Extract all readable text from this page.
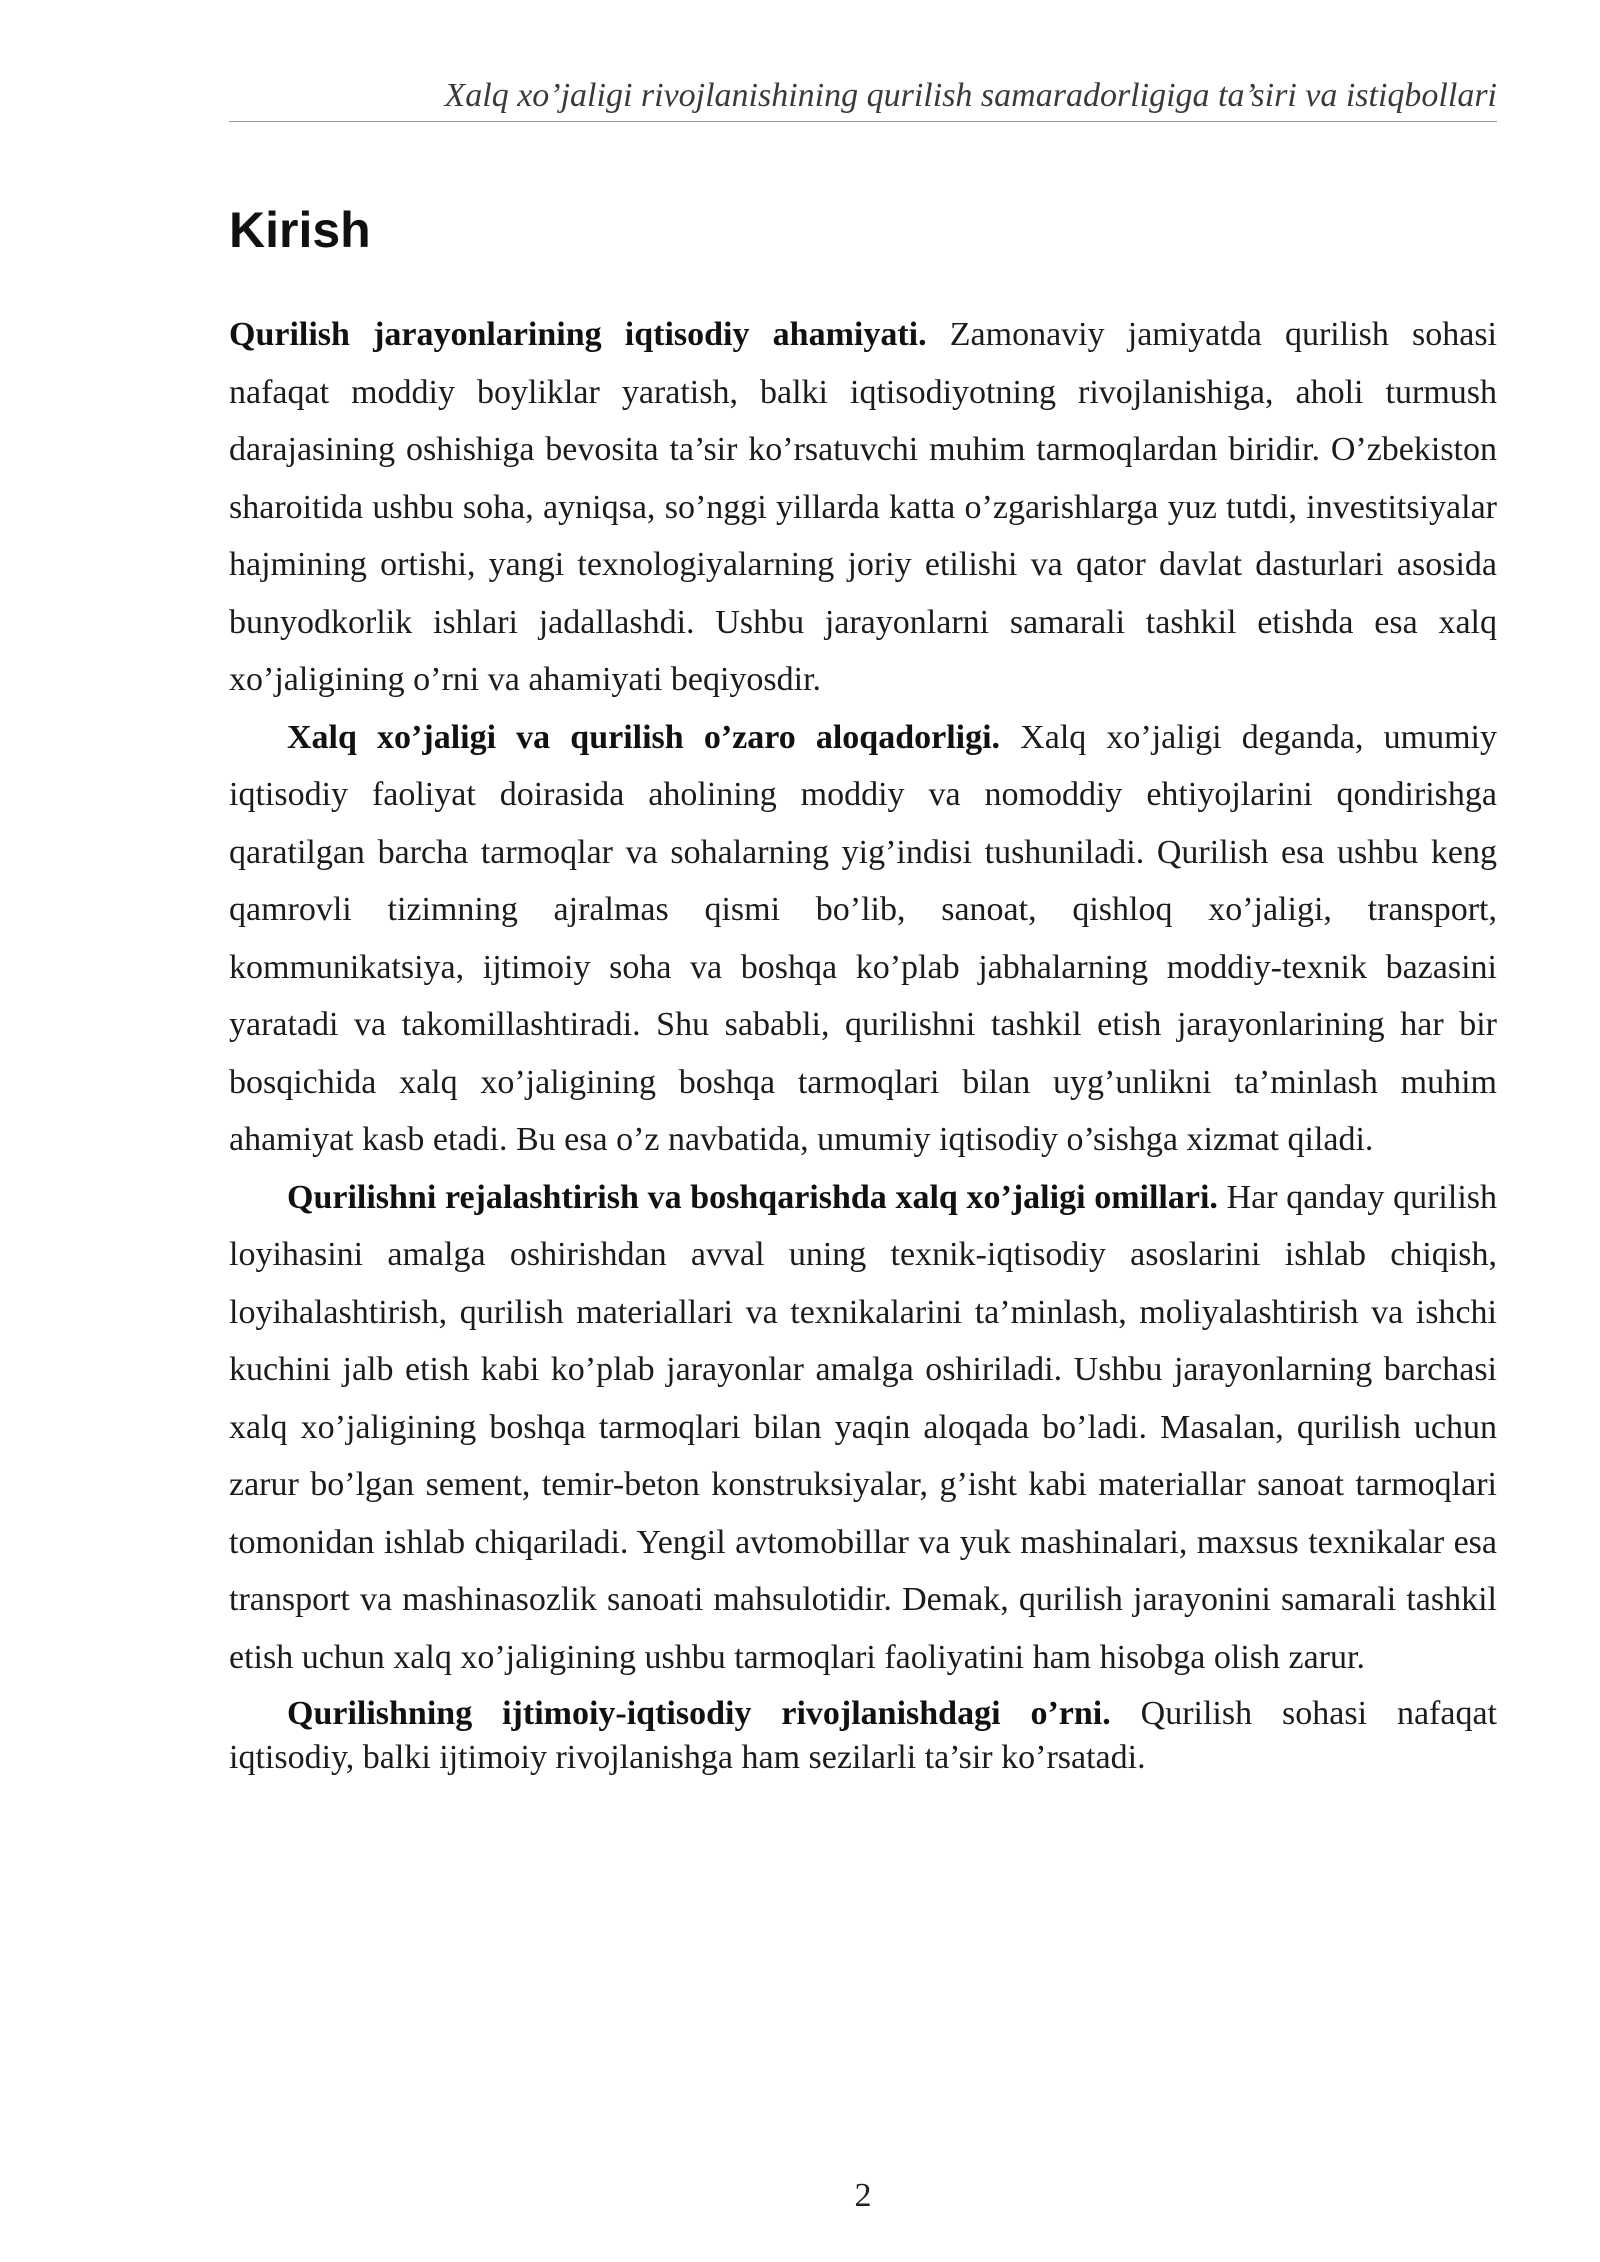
Xalq xo’jaligi rivojlanishining qurilish samaradorligiga ta’siri va istiqbollari
Kirish

Qurilish jarayonlarining iqtisodiy ahamiyati. Zamonaviy jamiyatda qurilish sohasi nafaqat moddiy boyliklar yaratish, balki iqtisodiyotning rivojlanishiga, aholi turmush darajasining oshishiga bevosita ta’sir ko’rsatuvchi muhim tarmoqlardan biridir. O’zbekiston sharoitida ushbu soha, ayniqsa, so’nggi yillarda katta o’zgarishlarga yuz tutdi, investitsiyalar hajmining ortishi, yangi texnologiyalarning joriy etilishi va qator davlat dasturlari asosida bunyodkorlik ishlari jadallashdi. Ushbu jarayonlarni samarali tashkil etishda esa xalq xo’jaligining o’rni va ahamiyati beqiyosdir.

Xalq xo’jaligi va qurilish o’zaro aloqadorligi. Xalq xo’jaligi deganda, umumiy iqtisodiy faoliyat doirasida aholining moddiy va nomoddiy ehtiyojlarini qondirishga qaratilgan barcha tarmoqlar va sohalarning yig’indisi tushuniladi. Qurilish esa ushbu keng qamrovli tizimning ajralmas qismi bo’lib, sanoat, qishloq xo’jaligi, transport, kommunikatsiya, ijtimoiy soha va boshqa ko’plab jabhalarning moddiy-texnik bazasini yaratadi va takomillashtiradi. Shu sababli, qurilishni tashkil etish jarayonlarining har bir bosqichida xalq xo’jaligining boshqa tarmoqlari bilan uyg’unlikni ta’minlash muhim ahamiyat kasb etadi. Bu esa o’z navbatida, umumiy iqtisodiy o’sishga xizmat qiladi.

Qurilishni rejalashtirish va boshqarishda xalq xo’jaligi omillari. Har qanday qurilish loyihasini amalga oshirishdan avval uning texnik-iqtisodiy asoslarini ishlab chiqish, loyihalashtirish, qurilish materiallari va texnikalarini ta’minlash, moliyalashtirish va ishchi kuchini jalb etish kabi ko’plab jarayonlar amalga oshiriladi. Ushbu jarayonlarning barchasi xalq xo’jaligining boshqa tarmoqlari bilan yaqin aloqada bo’ladi. Masalan, qurilish uchun zarur bo’lgan sement, temir-beton konstruksiyalar, g’isht kabi materiallar sanoat tarmoqlari tomonidan ishlab chiqariladi. Yengil avtomobillar va yuk mashinalari, maxsus texnikalar esa transport va mashinasozlik sanoati mahsulotidir. Demak, qurilish jarayonini samarali tashkil etish uchun xalq xo’jaligining ushbu tarmoqlari faoliyatini ham hisobga olish zarur.

Qurilishning ijtimoiy-iqtisodiy rivojlanishdagi o’rni. Qurilish sohasi nafaqat iqtisodiy, balki ijtimoiy rivojlanishga ham sezilarli ta’sir ko’rsatadi.

2
